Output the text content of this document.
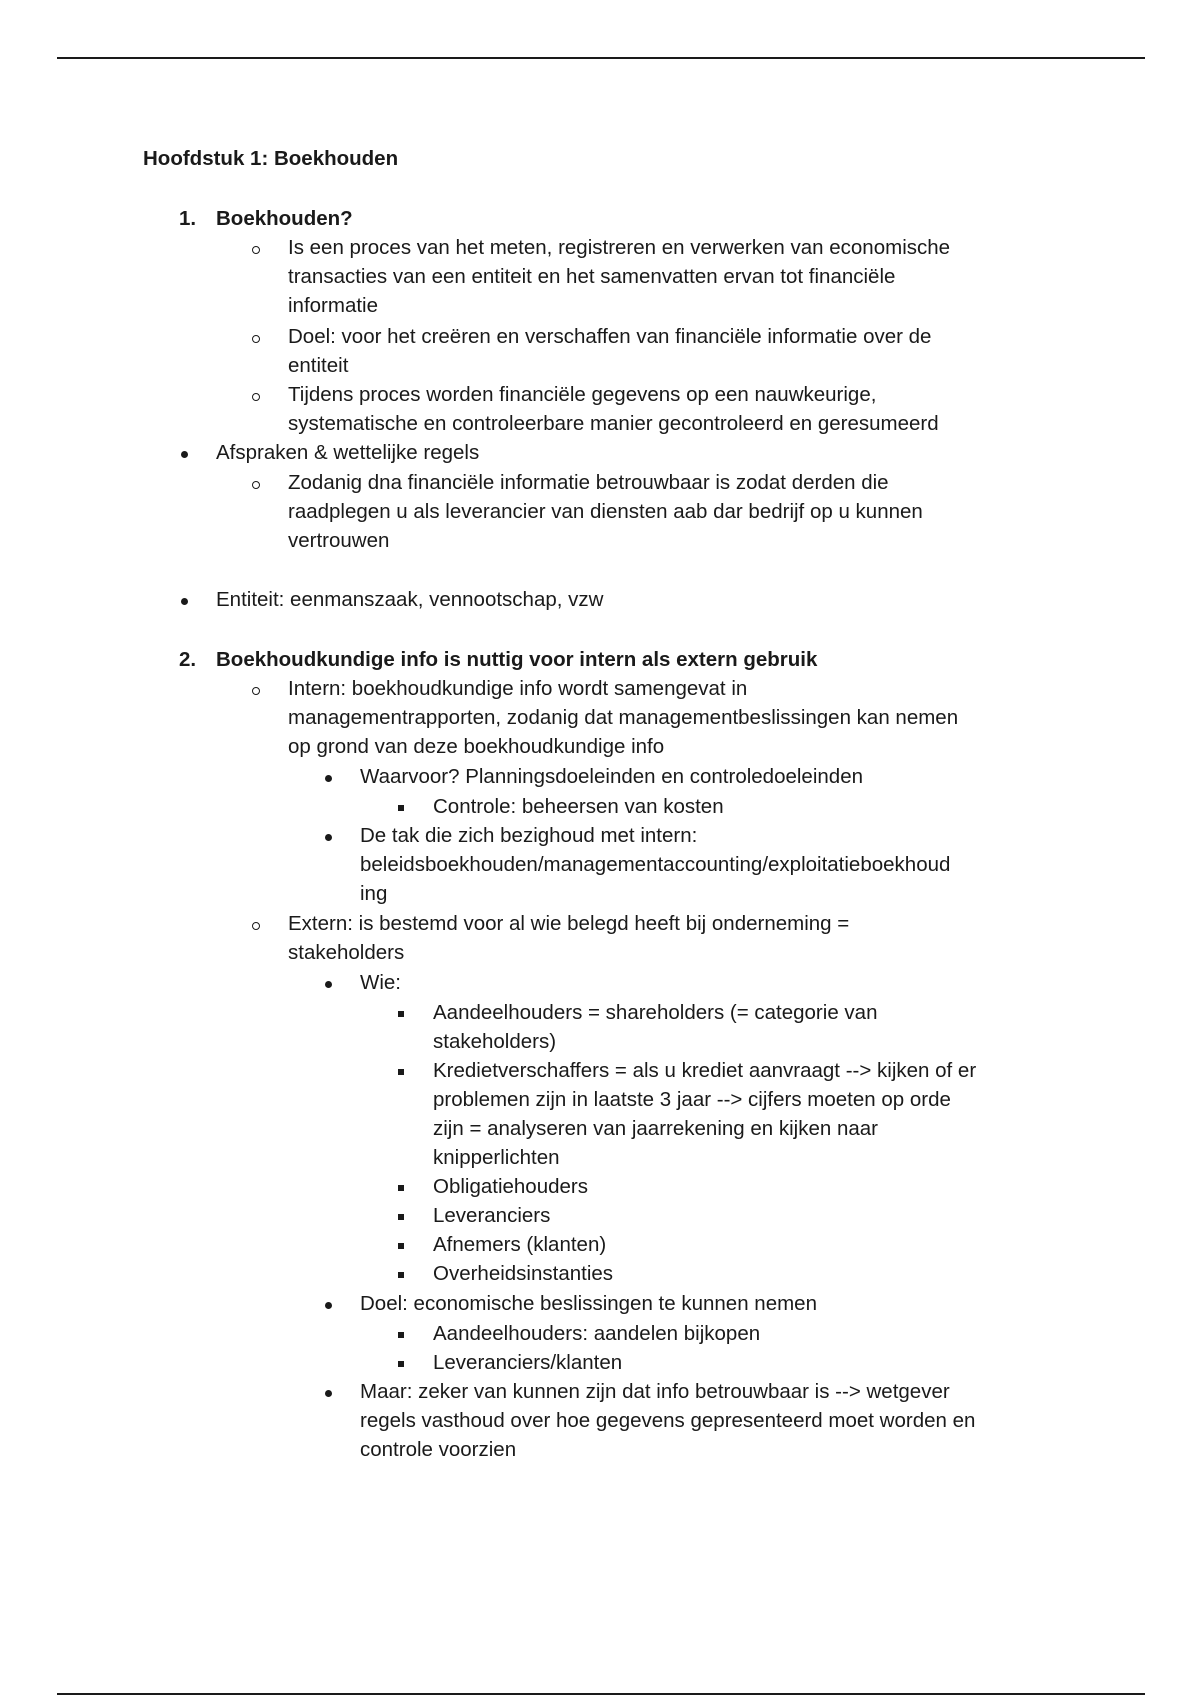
Hoofdstuk 1: Boekhouden
1. Boekhouden?
Is een proces van het meten, registreren en verwerken van economische
transacties van een entiteit en het samenvatten ervan tot financiële
informatie
Doel: voor het creëren en verschaffen van financiële informatie over de
entiteit
Tijdens proces worden financiële gegevens op een nauwkeurige,
systematische en controleerbare manier gecontroleerd en geresumeerd
Afspraken & wettelijke regels
Zodanig dna financiële informatie betrouwbaar is zodat derden die
raadplegen u als leverancier van diensten aab dar bedrijf op u kunnen
vertrouwen
Entiteit: eenmanszaak, vennootschap, vzw
2. Boekhoudkundige info is nuttig voor intern als extern gebruik
Intern: boekhoudkundige info wordt samengevat in
managementrapporten, zodanig dat managementbeslissingen kan nemen
op grond van deze boekhoudkundige info
Waarvoor? Planningsdoeleinden en controledoeleinden
Controle: beheersen van kosten
De tak die zich bezighoud met intern:
beleidsboekhouden/managementaccounting/exploitatieboekhoud
ing
Extern: is bestemd voor al wie belegd heeft bij onderneming =
stakeholders
Wie:
Aandeelhouders = shareholders (= categorie van
stakeholders)
Kredietverschaffers = als u krediet aanvraagt --> kijken of er
problemen zijn in laatste 3 jaar --> cijfers moeten op orde
zijn = analyseren van jaarrekening en kijken naar
knipperlichten
Obligatiehouders
Leveranciers
Afnemers (klanten)
Overheidsinstanties
Doel: economische beslissingen te kunnen nemen
Aandeelhouders: aandelen bijkopen
Leveranciers/klanten
Maar: zeker van kunnen zijn dat info betrouwbaar is --> wetgever
regels vasthoud over hoe gegevens gepresenteerd moet worden en
controle voorzien
